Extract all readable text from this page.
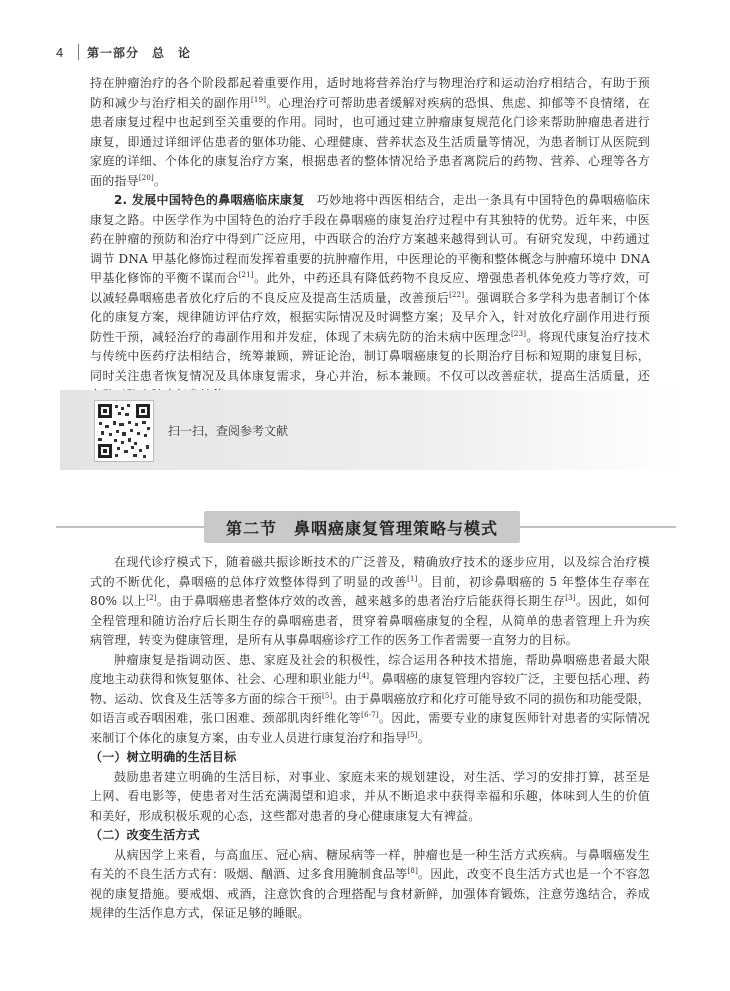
4	第一部分　总　论

持在肿瘤治疗的各个阶段都起着重要作用，适时地将营养治疗与物理治疗和运动治疗相结合，有助于预防和减少与治疗相关的副作用[19]。心理治疗可帮助患者缓解对疾病的恐惧、焦虑、抑郁等不良情绪，在患者康复过程中也起到至关重要的作用。同时，也可通过建立肿瘤康复规范化门诊来帮助肿瘤患者进行康复，即通过详细评估患者的躯体功能、心理健康、营养状态及生活质量等情况，为患者制订从医院到家庭的详细、个体化的康复治疗方案，根据患者的整体情况给予患者离院后的药物、营养、心理等各方面的指导[20]。

2. 发展中国特色的鼻咽癌临床康复　巧妙地将中西医相结合，走出一条具有中国特色的鼻咽癌临床康复之路。中医学作为中国特色的治疗手段在鼻咽癌的康复治疗过程中有其独特的优势。近年来，中医药在肿瘤的预防和治疗中得到广泛应用，中西联合的治疗方案越来越得到认可。有研究发现，中药通过调节 DNA 甲基化修饰过程而发挥着重要的抗肿瘤作用，中医理论的平衡和整体概念与肿瘤环境中 DNA 甲基化修饰的平衡不谋而合[21]。此外，中药还具有降低药物不良反应、增强患者机体免疫力等疗效，可以减轻鼻咽癌患者放化疗后的不良反应及提高生活质量，改善预后[22]。强调联合多学科为患者制订个体化的康复方案，规律随访评估疗效，根据实际情况及时调整方案；及早介入，针对放化疗副作用进行预防性干预，减轻治疗的毒副作用和并发症，体现了未病先防的治未病中医理念[23]。将现代康复治疗技术与传统中医药疗法相结合，统筹兼顾，辨证论治，制订鼻咽癌康复的长期治疗目标和短期的康复目标，同时关注患者恢复情况及具体康复需求，身心并治，标本兼顾。不仅可以改善症状，提高生活质量，还

扫一扫，查阅参考文献
第二节　鼻咽癌康复管理策略与模式

在现代诊疗模式下，随着磁共振诊断技术的广泛普及，精确放疗技术的逐步应用，以及综合治疗模式的不断优化，鼻咽癌的总体疗效整体得到了明显的改善[1]。目前，初诊鼻咽癌的 5 年整体生存率在 80% 以上[2]。由于鼻咽癌患者整体疗效的改善，越来越多的患者治疗后能获得长期生存[3]。因此，如何全程管理和随访治疗后长期生存的鼻咽癌患者，贯穿着鼻咽癌康复的全程，从简单的患者管理上升为疾病管理，转变为健康管理，是所有从事鼻咽癌诊疗工作的医务工作者需要一直努力的目标。

肿瘤康复是指调动医、患、家庭及社会的积极性，综合运用各种技术措施，帮助鼻咽癌患者最大限度地主动获得和恢复躯体、社会、心理和职业能力[4]。鼻咽癌的康复管理内容较广泛，主要包括心理、药物、运动、饮食及生活等多方面的综合干预[5]。由于鼻咽癌放疗和化疗可能导致不同的损伤和功能受限，如语言或吞咽困难，张口困难、颈部肌肉纤维化等[6-7]。因此，需要专业的康复医师针对患者的实际情况来制订个体化的康复方案，由专业人员进行康复治疗和指导[5]。

（一）树立明确的生活目标

鼓励患者建立明确的生活目标，对事业、家庭未来的规划建设，对生活、学习的安排打算，甚至是上网、看电影等，使患者对生活充满渴望和追求，并从不断追求中获得幸福和乐趣，体味到人生的价值和美好，形成积极乐观的心态，这些都对患者的身心健康康复大有裨益。

（二）改变生活方式

从病因学上来看，与高血压、冠心病、糖尿病等一样，肿瘤也是一种生活方式疾病。与鼻咽癌发生有关的不良生活方式有：吸烟、酗酒、过多食用腌制食品等[8]。因此，改变不良生活方式也是一个不容忽视的康复措施。要戒烟、戒酒，注意饮食的合理搭配与食材新鲜，加强体育锻炼，注意劳逸结合，养成规律的生活作息方式，保证足够的睡眠。
